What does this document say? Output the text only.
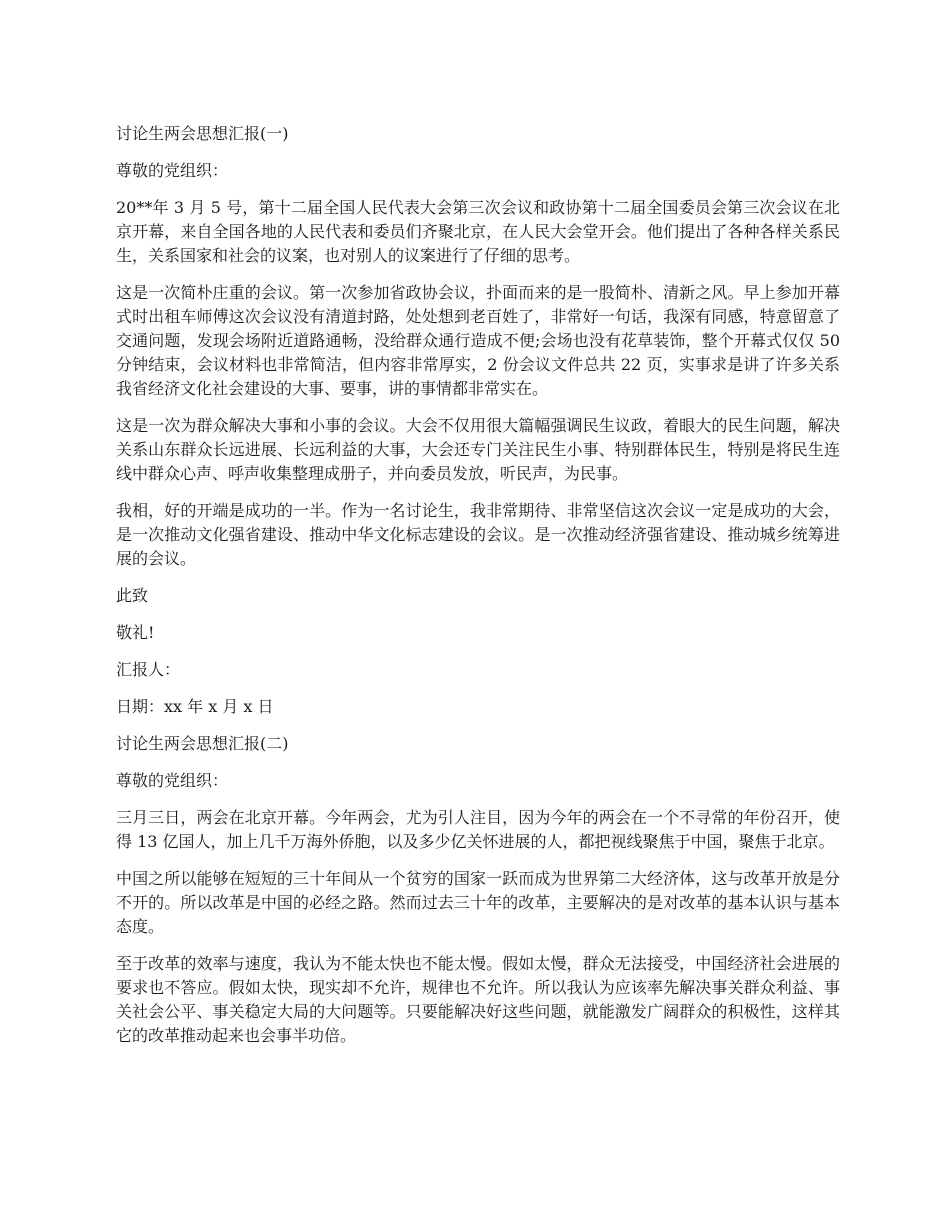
讨论生两会思想汇报(一)

尊敬的党组织：

20**年 3 月 5 号，第十二届全国人民代表大会第三次会议和政协第十二届全国委员会第三次会议在北京开幕，来自全国各地的人民代表和委员们齐聚北京，在人民大会堂开会。他们提出了各种各样关系民生，关系国家和社会的议案，也对别人的议案进行了仔细的思考。

这是一次简朴庄重的会议。第一次参加省政协会议，扑面而来的是一股简朴、清新之风。早上参加开幕式时出租车师傅这次会议没有清道封路，处处想到老百姓了，非常好一句话，我深有同感，特意留意了交通问题，发现会场附近道路通畅，没给群众通行造成不便;会场也没有花草装饰，整个开幕式仅仅 50 分钟结束，会议材料也非常简洁，但内容非常厚实，2 份会议文件总共 22 页，实事求是讲了许多关系我省经济文化社会建设的大事、要事，讲的事情都非常实在。

这是一次为群众解决大事和小事的会议。大会不仅用很大篇幅强调民生议政，着眼大的民生问题，解决关系山东群众长远进展、长远利益的大事，大会还专门关注民生小事、特别群体民生，特别是将民生连线中群众心声、呼声收集整理成册子，并向委员发放，听民声，为民事。

我相，好的开端是成功的一半。作为一名讨论生，我非常期待、非常坚信这次会议一定是成功的大会，是一次推动文化强省建设、推动中华文化标志建设的会议。是一次推动经济强省建设、推动城乡统筹进展的会议。

此致

敬礼!

汇报人：

日期：xx 年 x 月 x 日

讨论生两会思想汇报(二)

尊敬的党组织：

三月三日，两会在北京开幕。今年两会，尤为引人注目，因为今年的两会在一个不寻常的年份召开，使得 13 亿国人，加上几千万海外侨胞，以及多少亿关怀进展的人，都把视线聚焦于中国，聚焦于北京。

中国之所以能够在短短的三十年间从一个贫穷的国家一跃而成为世界第二大经济体，这与改革开放是分不开的。所以改革是中国的必经之路。然而过去三十年的改革，主要解决的是对改革的基本认识与基本态度。

至于改革的效率与速度，我认为不能太快也不能太慢。假如太慢，群众无法接受，中国经济社会进展的要求也不答应。假如太快，现实却不允许，规律也不允许。所以我认为应该率先解决事关群众利益、事关社会公平、事关稳定大局的大问题等。只要能解决好这些问题，就能激发广阔群众的积极性，这样其它的改革推动起来也会事半功倍。
